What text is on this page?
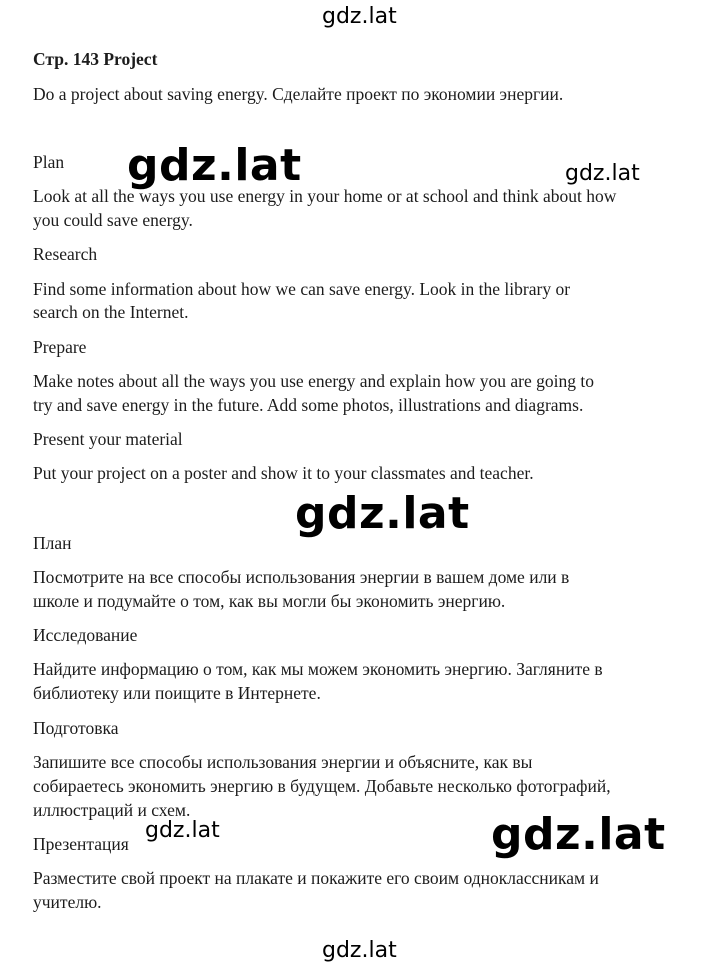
gdz.lat
Стр. 143 Project
Do a project about saving energy. Сделайте проект по экономии энергии.
Plan
Look at all the ways you use energy in your home or at school and think about how
you could save energy.
Research
Find some information about how we can save energy. Look in the library or
search on the Internet.
Prepare
Make notes about all the ways you use energy and explain how you are going to
try and save energy in the future. Add some photos, illustrations and diagrams.
Present your material
Put your project on a poster and show it to your classmates and teacher.
План
Посмотрите на все способы использования энергии в вашем доме или в
школе и подумайте о том, как вы могли бы экономить энергию.
Исследование
Найдите информацию о том, как мы можем экономить энергию. Загляните в
библиотеку или поищите в Интернете.
Подготовка
Запишите все способы использования энергии и объясните, как вы
собираетесь экономить энергию в будущем. Добавьте несколько фотографий,
иллюстраций и схем.
Презентация
Разместите свой проект на плакате и покажите его своим одноклассникам и
учителю.
gdz.lat	gdz.lat
gdz.lat
gdz.lat	gdz.lat
gdz.lat
